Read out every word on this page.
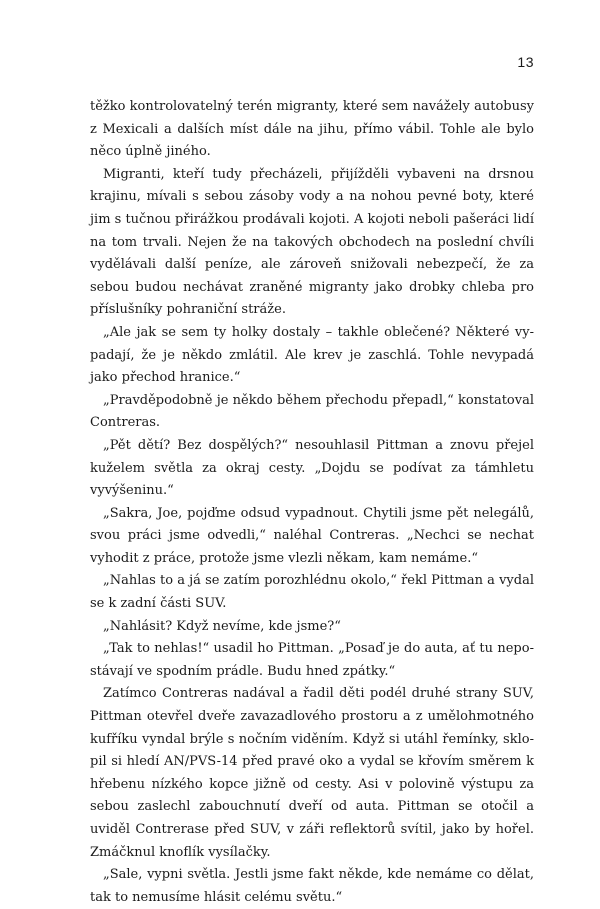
13

těžko kontrolovatelný terén migranty, které sem navážely autobusy z Mexicali a dalších míst dále na jihu, přímo vábil. Tohle ale bylo něco úplně jiného.

Migranti, kteří tudy přecházeli, přijížděli vybaveni na drsnou krajinu, mívali s sebou zásoby vody a na nohou pevné boty, které jim s tučnou přirážkou prodávali kojoti. A kojoti neboli pašeráci lidí na tom trvali. Nejen že na takových obchodech na poslední chvíli vydělávali další peníze, ale zároveň snižovali nebezpečí, že za sebou budou nechávat zraněné migranty jako drobky chleba pro příslušníky pohraniční stráže.

„Ale jak se sem ty holky dostaly – takhle oblečené? Některé vypadají, že je někdo zmlátil. Ale krev je zaschlá. Tohle nevypadá jako přechod hranice.“

„Pravděpodobně je někdo během přechodu přepadl,“ konstatoval Contreras.

„Pět dětí? Bez dospělých?“ nesouhlasil Pittman a znovu přejel kuželem světla za okraj cesty. „Dojdu se podívat za támhletu vyvýšeninu.“

„Sakra, Joe, pojďme odsud vypadnout. Chytili jsme pět nelegálů, svou práci jsme odvedli,“ naléhal Contreras. „Nechci se nechat vyhodit z práce, protože jsme vlezli někam, kam nemáme.“

„Nahlas to a já se zatím porozhlédnu okolo,“ řekl Pittman a vydal se k zadní části SUV.

„Nahlásit? Když nevíme, kde jsme?“

„Tak to nehlas!“ usadil ho Pittman. „Posaď je do auta, ať tu nepostávají ve spodním prádle. Budu hned zpátky.“

Zatímco Contreras nadával a řadil děti podél druhé strany SUV, Pittman otevřel dveře zavazadlového prostoru a z umělohmotného kufříku vyndal brýle s nočním viděním. Když si utáhl řemínky, sklopil si hledí AN/PVS-14 před pravé oko a vydal se křovím směrem k hřebenu nízkého kopce jižně od cesty. Asi v polovině výstupu za sebou zaslechl zabouchnutí dveří od auta. Pittman se otočil a uviděl Contrerase před SUV, v záři reflektorů svítil, jako by hořel. Zmáčknul knoflík vysílačky.

„Sale, vypni světla. Jestli jsme fakt někde, kde nemáme co dělat, tak to nemusíme hlásit celému světu.“
